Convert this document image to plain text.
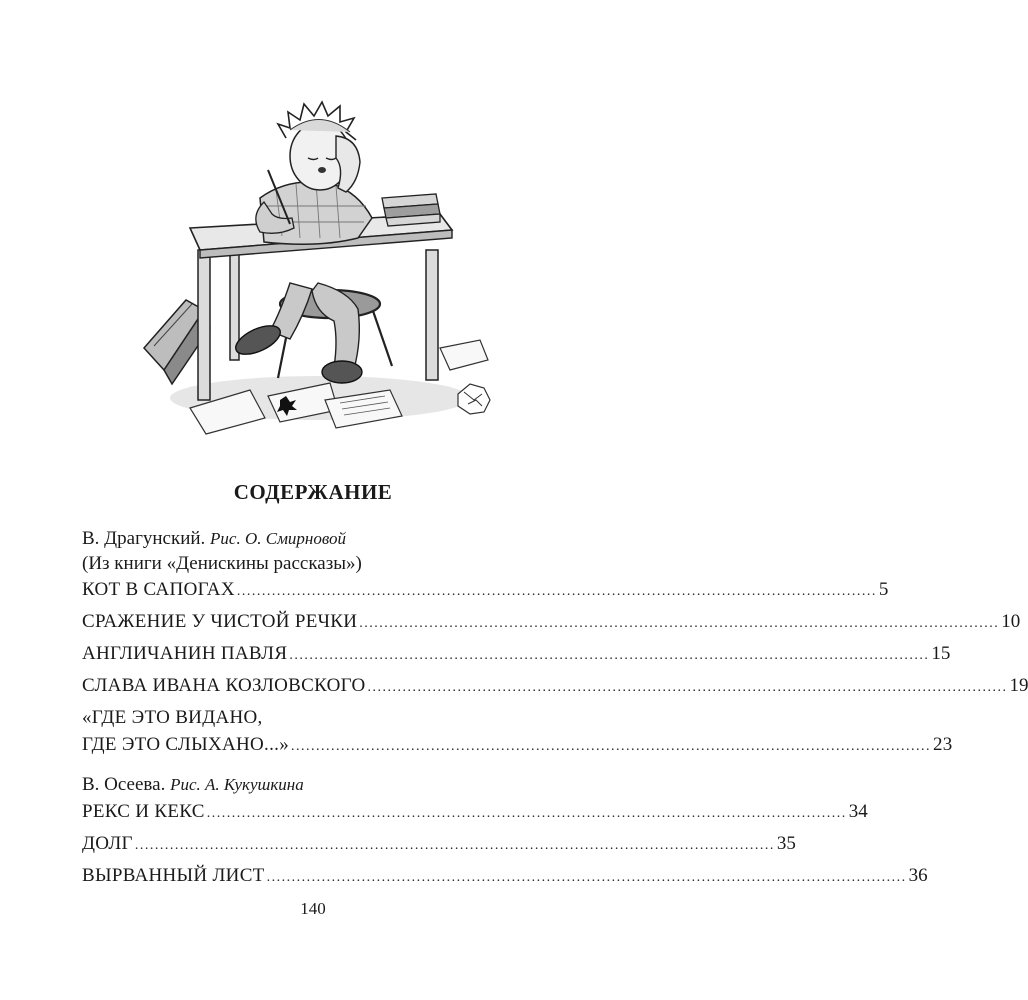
СОДЕРЖАНИЕ
В. Драгунский. Рис. О. Смирновой
(Из книги «Денискины рассказы»)
КОТ В САПОГАХ ................................................................................................................................ 5
СРАЖЕНИЕ У ЧИСТОЙ РЕЧКИ ................................................................................................................................ 10
АНГЛИЧАНИН ПАВЛЯ ................................................................................................................................ 15
СЛАВА ИВАНА КОЗЛОВСКОГО ................................................................................................................................ 19
«ГДЕ ЭТО ВИДАНО,
ГДЕ ЭТО СЛЫХАНО...» ................................................................................................................................ 23
В. Осеева. Рис. А. Кукушкина
РЕКС И КЕКС ................................................................................................................................ 34
ДОЛГ ................................................................................................................................ 35
ВЫРВАННЫЙ ЛИСТ ................................................................................................................................ 36
140
